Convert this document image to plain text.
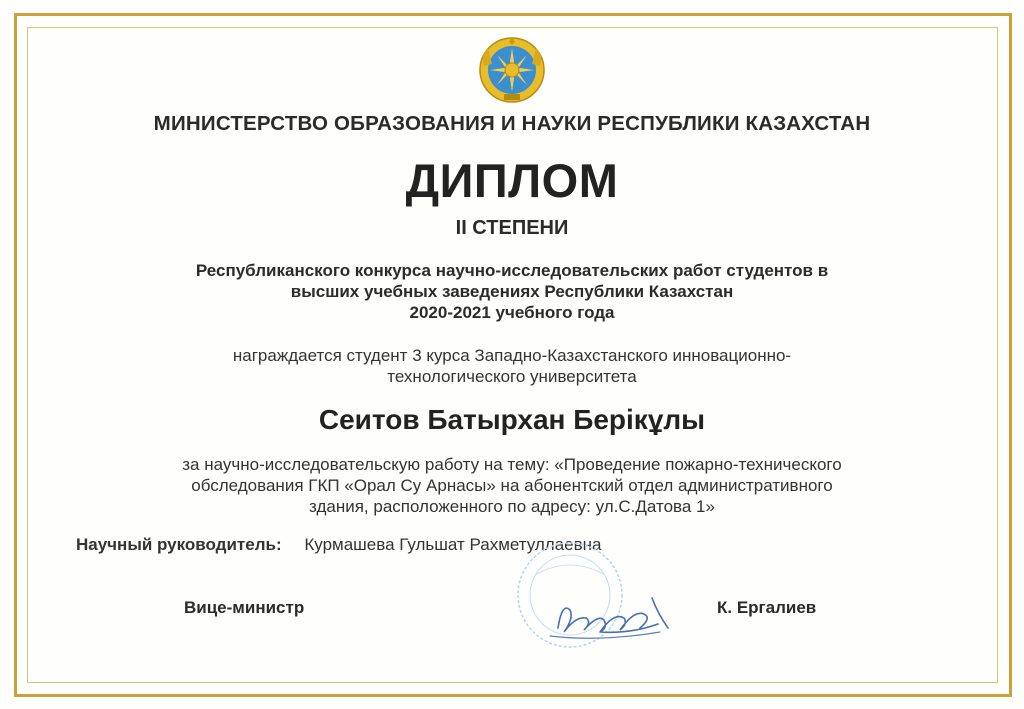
МИНИСТЕРСТВО ОБРАЗОВАНИЯ И НАУКИ РЕСПУБЛИКИ КАЗАХСТАН
ДИПЛОМ
II СТЕПЕНИ
Республиканского конкурса научно-исследовательских работ студентов в
высших учебных заведениях Республики Казахстан
2020-2021 учебного года
награждается студент 3 курса Западно-Казахстанского инновационно-
технологического университета
Сеитов Батырхан Берікұлы
за научно-исследовательскую работу на тему: «Проведение пожарно-технического
обследования ГКП «Орал Су Арнасы» на абонентский отдел административного
здания, расположенного по адресу: ул.С.Датова 1»
Научный руководитель: Курмашева Гульшат Рахметуллаевна
Вице-министр	К. Ергалиев
